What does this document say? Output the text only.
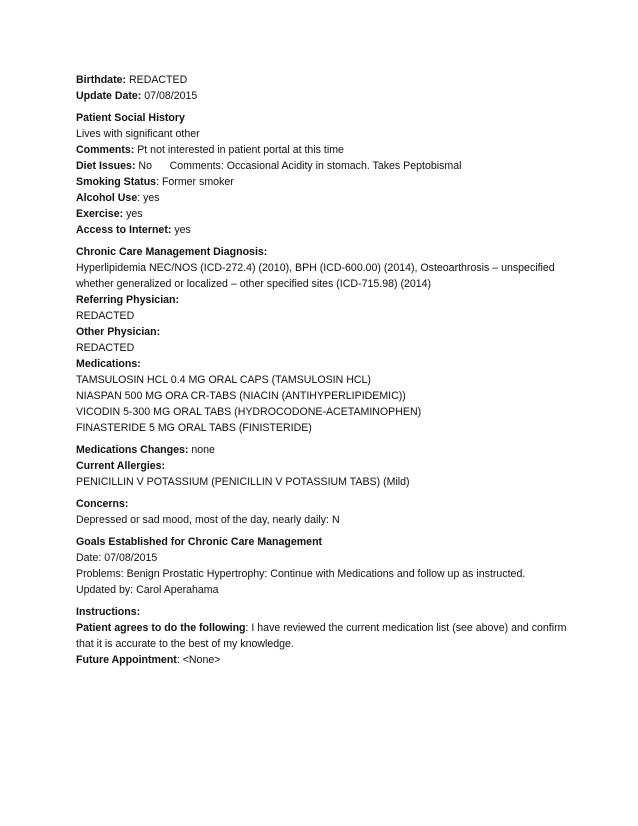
Birthdate: REDACTED
Update Date: 07/08/2015
Patient Social History
Lives with significant other
Comments: Pt not interested in patient portal at this time
Diet Issues: No      Comments: Occasional Acidity in stomach. Takes Peptobismal
Smoking Status: Former smoker
Alcohol Use: yes
Exercise: yes
Access to Internet: yes
Chronic Care Management Diagnosis:
Hyperlipidemia NEC/NOS (ICD-272.4) (2010), BPH (ICD-600.00) (2014), Osteoarthrosis – unspecified whether generalized or localized – other specified sites (ICD-715.98) (2014)
Referring Physician:
REDACTED
Other Physician:
REDACTED
Medications:
TAMSULOSIN HCL 0.4 MG ORAL CAPS (TAMSULOSIN HCL)
NIASPAN 500 MG ORA CR-TABS (NIACIN (ANTIHYPERLIPIDEMIC))
VICODIN 5-300 MG ORAL TABS (HYDROCODONE-ACETAMINOPHEN)
FINASTERIDE 5 MG ORAL TABS (FINISTERIDE)
Medications Changes: none
Current Allergies:
PENICILLIN V POTASSIUM (PENICILLIN V POTASSIUM TABS) (Mild)
Concerns:
Depressed or sad mood, most of the day, nearly daily: N
Goals Established for Chronic Care Management
Date: 07/08/2015
Problems: Benign Prostatic Hypertrophy: Continue with Medications and follow up as instructed.
Updated by: Carol Aperahama
Instructions:
Patient agrees to do the following: I have reviewed the current medication list (see above) and confirm that it is accurate to the best of my knowledge.
Future Appointment: <None>
